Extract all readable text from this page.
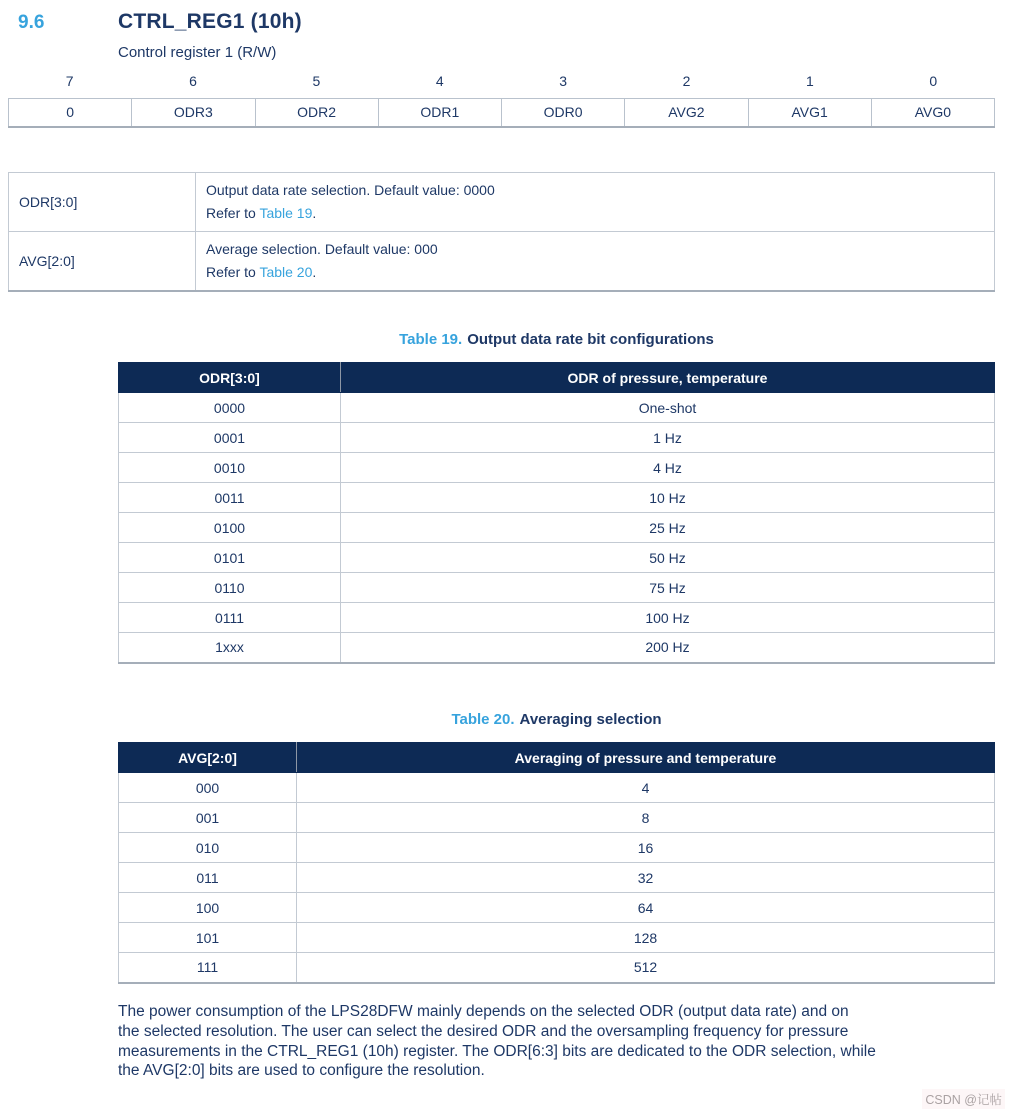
9.6	CTRL_REG1 (10h)
Control register 1 (R/W)
7	6	5	4	3	2	1	0
0	ODR3	ODR2	ODR1	ODR0	AVG2	AVG1	AVG0
ODR[3:0]	Output data rate selection. Default value: 0000
Refer to Table 19.

AVG[2:0]	Average selection. Default value: 000
Refer to Table 20.
Table 19. Output data rate bit configurations
ODR[3:0]	ODR of pressure, temperature
0000	One-shot
0001	1 Hz
0010	4 Hz
0011	10 Hz
0100	25 Hz
0101	50 Hz
0110	75 Hz
0111	100 Hz
1xxx	200 Hz
Table 20. Averaging selection
AVG[2:0]	Averaging of pressure and temperature
000	4
001	8
010	16
011	32
100	64
101	128
111	512
The power consumption of the LPS28DFW mainly depends on the selected ODR (output data rate) and on
the selected resolution. The user can select the desired ODR and the oversampling frequency for pressure
measurements in the CTRL_REG1 (10h) register. The ODR[6:3] bits are dedicated to the ODR selection, while
the AVG[2:0] bits are used to configure the resolution.
CSDN @记帖
